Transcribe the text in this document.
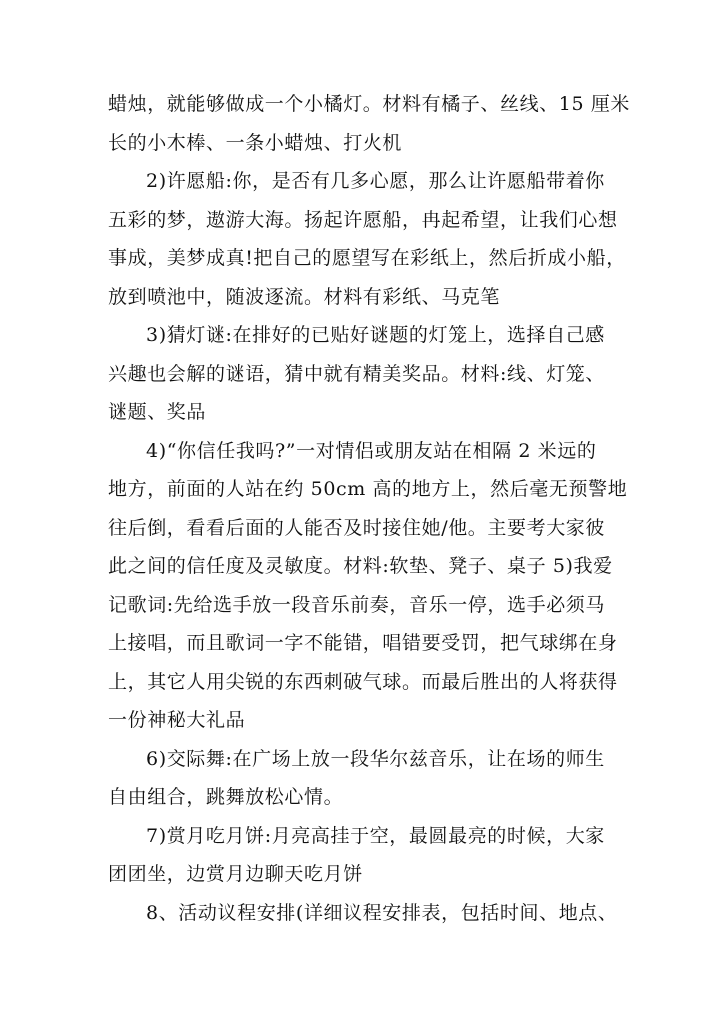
蜡烛，就能够做成一个小橘灯。材料有橘子、丝线、15 厘米
长的小木棒、一条小蜡烛、打火机
2)许愿船:你，是否有几多心愿，那么让许愿船带着你
五彩的梦，遨游大海。扬起许愿船，冉起希望，让我们心想
事成，美梦成真!把自己的愿望写在彩纸上，然后折成小船，
放到喷池中，随波逐流。材料有彩纸、马克笔
3)猜灯谜:在排好的已贴好谜题的灯笼上，选择自己感
兴趣也会解的谜语，猜中就有精美奖品。材料:线、灯笼、
谜题、奖品
4)“你信任我吗?”一对情侣或朋友站在相隔 2 米远的
地方，前面的人站在约 50cm 高的地方上，然后毫无预警地
往后倒，看看后面的人能否及时接住她/他。主要考大家彼
此之间的信任度及灵敏度。材料:软垫、凳子、桌子 5)我爱
记歌词:先给选手放一段音乐前奏，音乐一停，选手必须马
上接唱，而且歌词一字不能错，唱错要受罚，把气球绑在身
上，其它人用尖锐的东西刺破气球。而最后胜出的人将获得
一份神秘大礼品
6)交际舞:在广场上放一段华尔兹音乐，让在场的师生
自由组合，跳舞放松心情。
7)赏月吃月饼:月亮高挂于空，最圆最亮的时候，大家
团团坐，边赏月边聊天吃月饼
8、活动议程安排(详细议程安排表，包括时间、地点、
